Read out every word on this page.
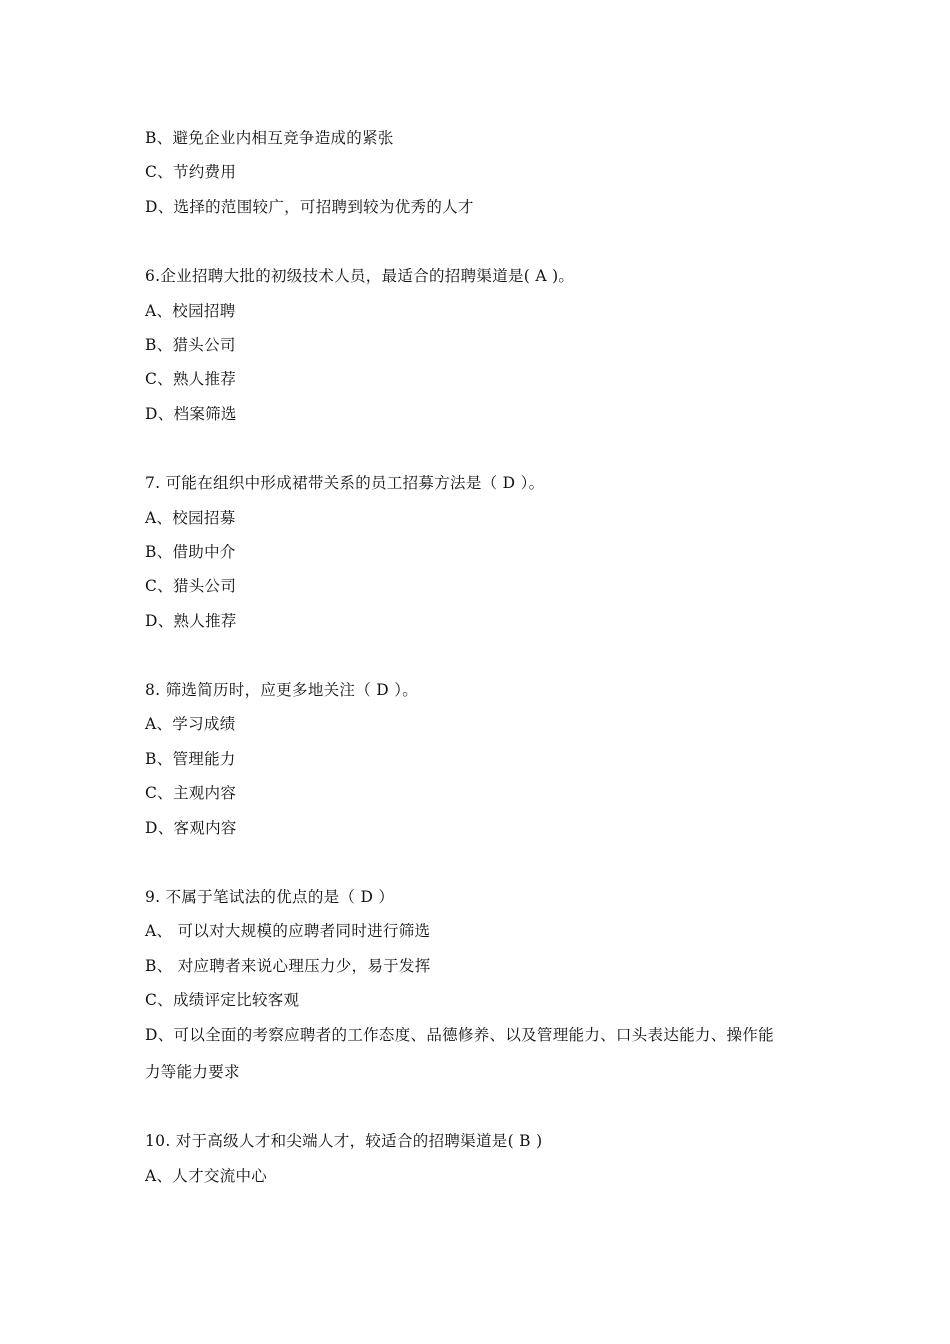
B、避免企业内相互竞争造成的紧张
C、节约费用
D、选择的范围较广，可招聘到较为优秀的人才
6.企业招聘大批的初级技术人员，最适合的招聘渠道是( A )。
A、校园招聘
B、猎头公司
C、熟人推荐
D、档案筛选
7. 可能在组织中形成裙带关系的员工招募方法是（ D ）。
A、校园招募
B、借助中介
C、猎头公司
D、熟人推荐
8. 筛选简历时，应更多地关注（ D ）。
A、学习成绩
B、管理能力
C、主观内容
D、客观内容
9. 不属于笔试法的优点的是（ D ）
A、 可以对大规模的应聘者同时进行筛选
B、 对应聘者来说心理压力少，易于发挥
C、成绩评定比较客观
D、可以全面的考察应聘者的工作态度、品德修养、以及管理能力、口头表达能力、操作能
力等能力要求
10. 对于高级人才和尖端人才，较适合的招聘渠道是( B )
A、人才交流中心
